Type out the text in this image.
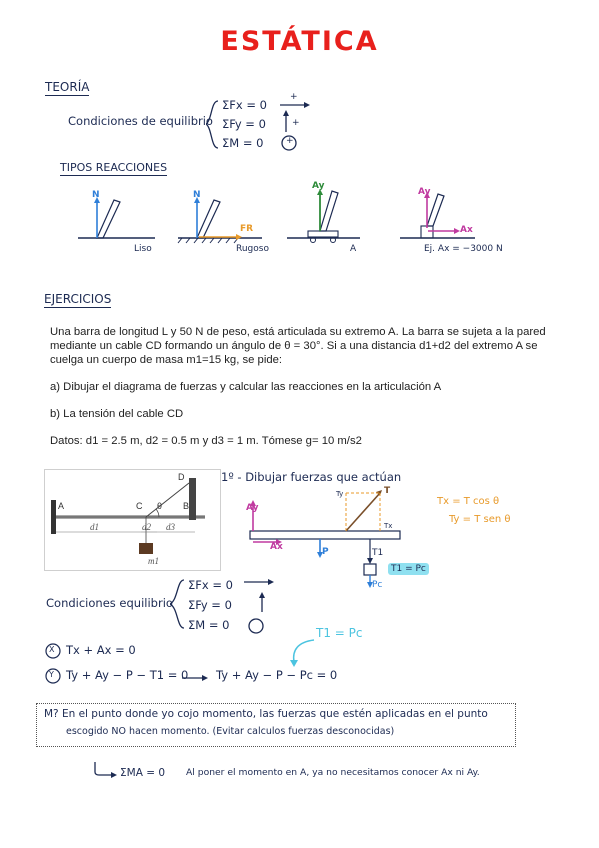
ESTÁTICA
TEORÍA
Condiciones de equilibrio
ΣFx = 0
ΣFy = 0
ΣM = 0
+
+
+
TIPOS REACCIONES
N	N
FR
Ay
Ay
Ax
Liso	Rugoso	A	Ej. Ax = −3000 N
EJERCICIOS

Una barra de longitud L y 50 N de peso, está articulada su extremo A. La barra se sujeta a la pared mediante un cable CD formando un ángulo de θ = 30°. Si a una distancia d1+d2 del extremo A se cuelga un cuerpo de masa m1=15 kg, se pide:

a) Dibujar el diagrama de fuerzas y calcular las reacciones en la articulación A

b) La tensión del cable CD

Datos: d1 = 2.5 m, d2 = 0.5 m y d3 = 1 m. Tómese g= 10 m/s2

A	C	B
D
θ
d1	d2 d3
m1
1º - Dibujar fuerzas que actúan
Ay
Ax	P
T
Ty
Tx
T1
Pc
T1 = Pc
Tx = T cos θ
Ty = T sen θ
Condiciones equilibrio
ΣFx = 0
ΣFy = 0
ΣM = 0
T1 = Pc
X
Y
Tx + Ax = 0
Ty + Ay − P − T1 = 0 Ty + Ay − P − Pc = 0
M? En el punto donde yo cojo momento, las fuerzas que estén aplicadas en el punto
escogido NO hacen momento. (Evitar calculos fuerzas desconocidas)
ΣMA = 0 Al poner el momento en A, ya no necesitamos conocer Ax ni Ay.
